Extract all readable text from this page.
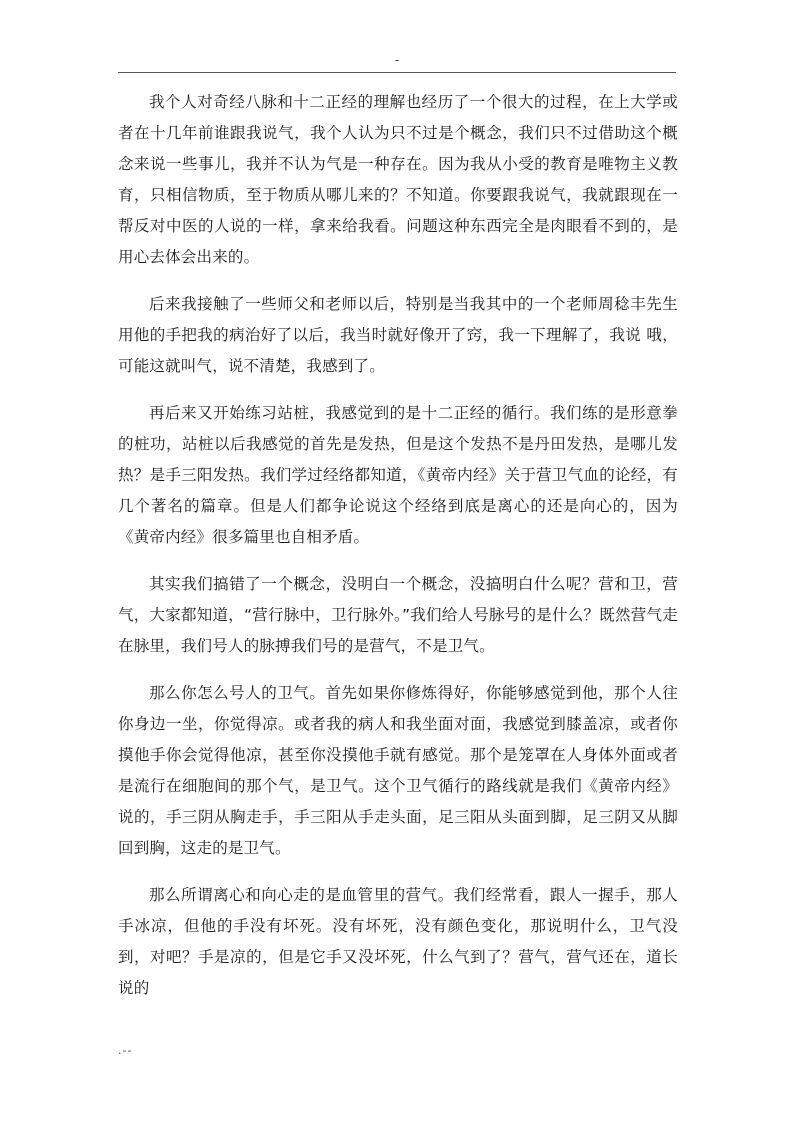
-

我个人对奇经八脉和十二正经的理解也经历了一个很大的过程，在上大学或者在十几年前谁跟我说气，我个人认为只不过是个概念，我们只不过借助这个概念来说一些事儿，我并不认为气是一种存在。因为我从小受的教育是唯物主义教育，只相信物质，至于物质从哪儿来的？不知道。你要跟我说气，我就跟现在一帮反对中医的人说的一样，拿来给我看。问题这种东西完全是肉眼看不到的，是用心去体会出来的。

后来我接触了一些师父和老师以后，特别是当我其中的一个老师周稔丰先生用他的手把我的病治好了以后，我当时就好像开了窍，我一下理解了，我说 哦，可能这就叫气，说不清楚，我感到了。

再后来又开始练习站桩，我感觉到的是十二正经的循行。我们练的是形意拳的桩功，站桩以后我感觉的首先是发热，但是这个发热不是丹田发热，是哪儿发热？是手三阳发热。我们学过经络都知道，《黄帝内经》关于营卫气血的论经，有几个著名的篇章。但是人们都争论说这个经络到底是离心的还是向心的，因为《黄帝内经》很多篇里也自相矛盾。

其实我们搞错了一个概念，没明白一个概念，没搞明白什么呢？营和卫，营气，大家都知道，“营行脉中，卫行脉外。”我们给人号脉号的是什么？既然营气走在脉里，我们号人的脉搏我们号的是营气，不是卫气。

那么你怎么号人的卫气。首先如果你修炼得好，你能够感觉到他，那个人往你身边一坐，你觉得凉。或者我的病人和我坐面对面，我感觉到膝盖凉，或者你摸他手你会觉得他凉，甚至你没摸他手就有感觉。那个是笼罩在人身体外面或者是流行在细胞间的那个气，是卫气。这个卫气循行的路线就是我们《黄帝内经》说的，手三阴从胸走手，手三阳从手走头面，足三阳从头面到脚，足三阴又从脚回到胸，这走的是卫气。

那么所谓离心和向心走的是血管里的营气。我们经常看，跟人一握手，那人手冰凉，但他的手没有坏死。没有坏死，没有颜色变化，那说明什么，卫气没到，对吧？手是凉的，但是它手又没坏死，什么气到了？营气，营气还在，道长说的

.--
